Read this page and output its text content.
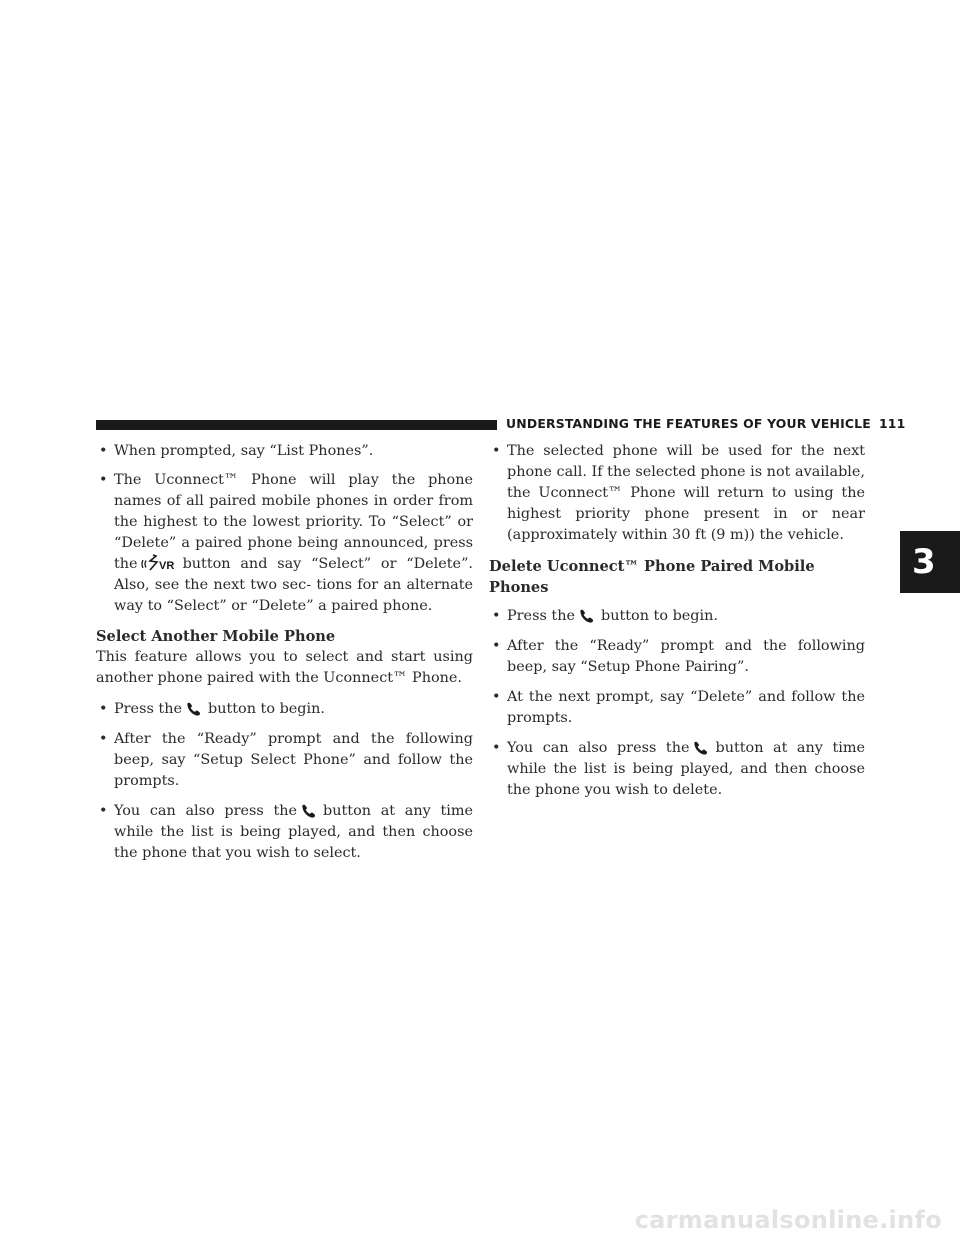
UNDERSTANDING THE FEATURES OF YOUR VEHICLE 111
3
• When prompted, say “List Phones”.
• The Uconnect™ Phone will play the phone names of all paired mobile phones in order from the highest to the lowest priority. To “Select” or “Delete” a paired phone being announced, press the VR button and say “Select” or “Delete”. Also, see the next two sec- tions for an alternate way to “Select” or “Delete” a paired phone.
Select Another Mobile Phone
This feature allows you to select and start using another phone paired with the Uconnect™ Phone.
• Press the button to begin.
• After the “Ready” prompt and the following beep, say “Setup Select Phone” and follow the prompts.
• You can also press the button at any time while the list is being played, and then choose the phone that you wish to select.
• The selected phone will be used for the next phone call. If the selected phone is not available, the Uconnect™ Phone will return to using the highest priority phone present in or near (approximately within 30 ft (9 m)) the vehicle.
Delete Uconnect™ Phone Paired Mobile Phones
• Press the button to begin.
• After the “Ready” prompt and the following beep, say “Setup Phone Pairing”.
• At the next prompt, say “Delete” and follow the prompts.
• You can also press the button at any time while the list is being played, and then choose the phone you wish to delete.
carmanualsonline.info
